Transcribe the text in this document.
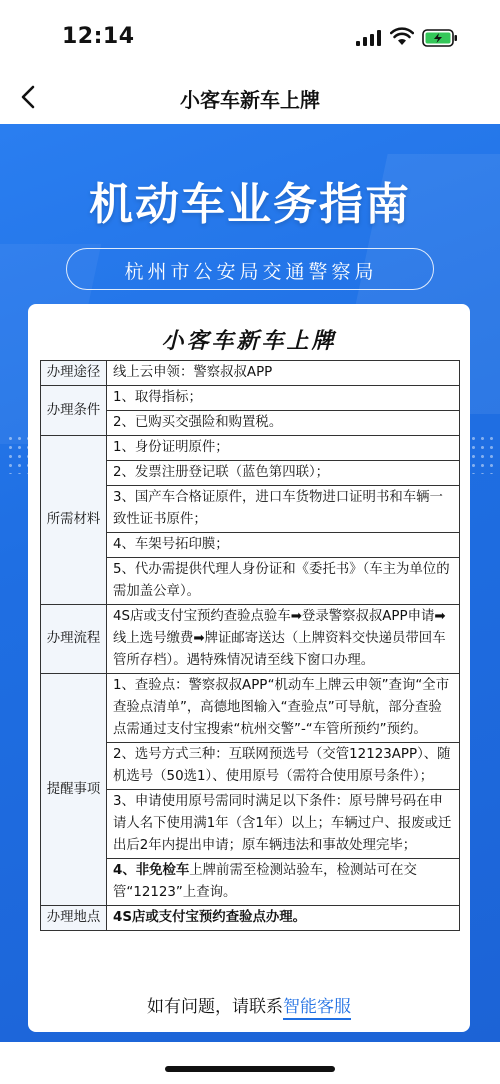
12:14
小客车新车上牌
机动车业务指南
杭州市公安局交通警察局
小客车新车上牌
办理途径	线上云申领：警察叔叔APP
办理条件	1、取得指标；
	2、已购买交强险和购置税。
所需材料	1、身份证明原件；
	2、发票注册登记联（蓝色第四联）；
	3、国产车合格证原件，进口车货物进口证明书和车辆一致性证书原件；
	4、车架号拓印膜；
	5、代办需提供代理人身份证和《委托书》（车主为单位的需加盖公章）。
办理流程	4S店或支付宝预约查验点验车➡登录警察叔叔APP申请➡线上选号缴费➡牌证邮寄送达（上牌资料交快递员带回车管所存档）。遇特殊情况请至线下窗口办理。
提醒事项	1、查验点：警察叔叔APP“机动车上牌云申领”查询“全市查验点清单”，高德地图输入“查验点”可导航，部分查验点需通过支付宝搜索“杭州交警”-“车管所预约”预约。
	2、选号方式三种：互联网预选号（交管12123APP）、随机选号（50选1）、使用原号（需符合使用原号条件）；
	3、申请使用原号需同时满足以下条件：原号牌号码在申请人名下使用满1年（含1年）以上；车辆过户、报废或迁出后2年内提出申请；原车辆违法和事故处理完毕；
	4、非免检车上牌前需至检测站验车，检测站可在交管“12123”上查询。
办理地点	4S店或支付宝预约查验点办理。
如有问题，请联系智能客服
